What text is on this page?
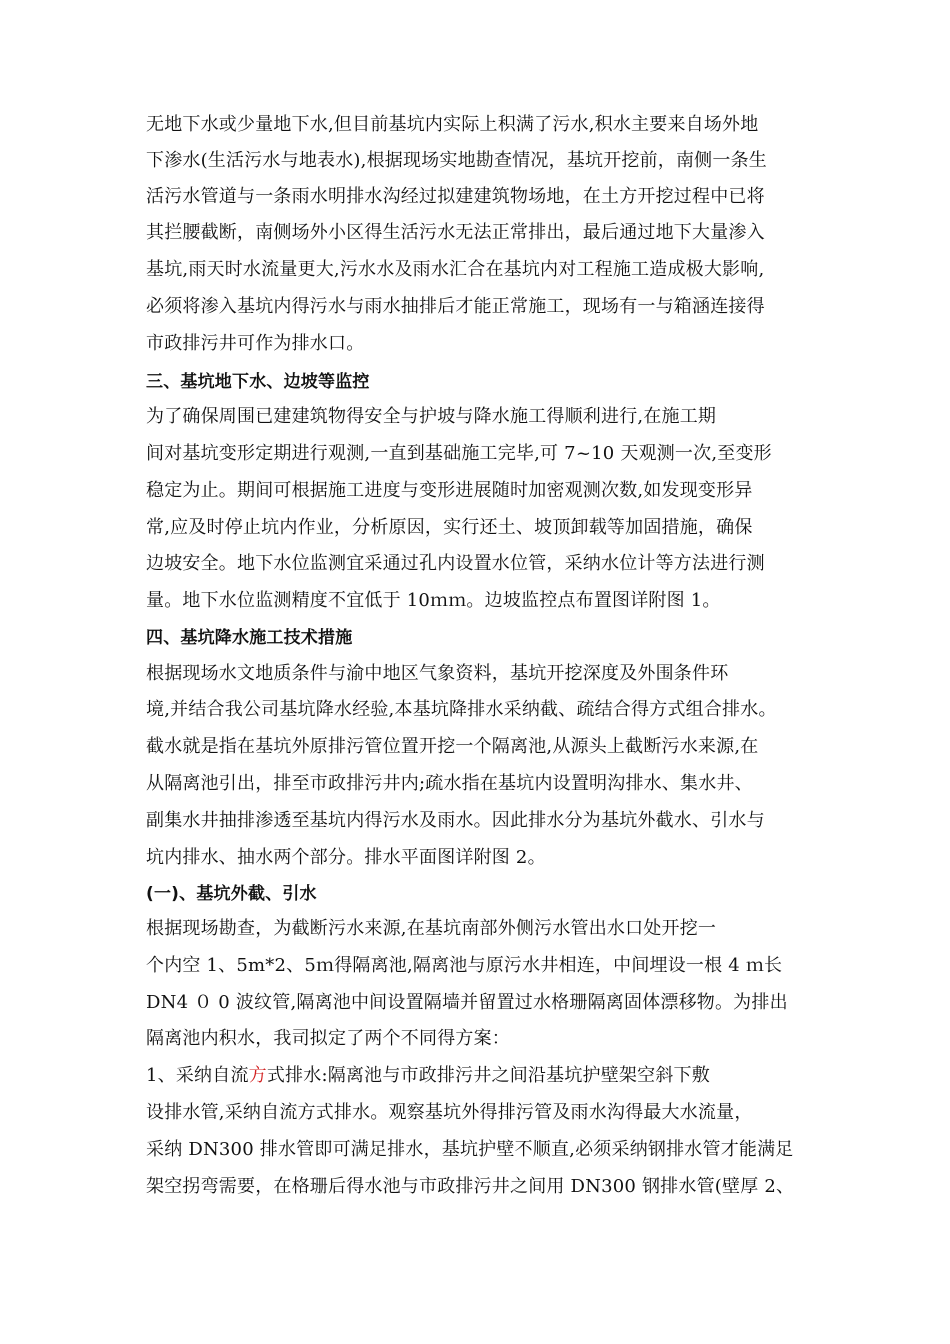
无地下水或少量地下水,但目前基坑内实际上积满了污水,积水主要来自场外地
下渗水(生活污水与地表水),根据现场实地勘查情况，基坑开挖前，南侧一条生
活污水管道与一条雨水明排水沟经过拟建建筑物场地，在土方开挖过程中已将
其拦腰截断，南侧场外小区得生活污水无法正常排出，最后通过地下大量渗入
基坑,雨天时水流量更大,污水水及雨水汇合在基坑内对工程施工造成极大影响,
必须将渗入基坑内得污水与雨水抽排后才能正常施工，现场有一与箱涵连接得
市政排污井可作为排水口。
三、基坑地下水、边坡等监控
为了确保周围已建建筑物得安全与护坡与降水施工得顺利进行,在施工期
间对基坑变形定期进行观测,一直到基础施工完毕,可 7~10 天观测一次,至变形
稳定为止。期间可根据施工进度与变形进展随时加密观测次数,如发现变形异
常,应及时停止坑内作业，分析原因，实行还土、坡顶卸载等加固措施，确保
边坡安全。地下水位监测宜采通过孔内设置水位管，采纳水位计等方法进行测
量。地下水位监测精度不宜低于 10ｍｍ。边坡监控点布置图详附图 1。
四、基坑降水施工技术措施
根据现场水文地质条件与渝中地区气象资料，基坑开挖深度及外围条件环
境,并结合我公司基坑降水经验,本基坑降排水采纳截、疏结合得方式组合排水。
截水就是指在基坑外原排污管位置开挖一个隔离池,从源头上截断污水来源,在
从隔离池引出，排至市政排污井内;疏水指在基坑内设置明沟排水、集水井、
副集水井抽排渗透至基坑内得污水及雨水。因此排水分为基坑外截水、引水与
坑内排水、抽水两个部分。排水平面图详附图 2。
(一)、基坑外截、引水
根据现场勘查，为截断污水来源,在基坑南部外侧污水管出水口处开挖一
个内空 1、5m*2、5ｍ得隔离池,隔离池与原污水井相连，中间埋设一根 4 ｍ长
DN4 ０ 0 波纹管,隔离池中间设置隔墙并留置过水格珊隔离固体漂移物。为排出
隔离池内积水，我司拟定了两个不同得方案：
1、采纳自流方式排水:隔离池与市政排污井之间沿基坑护壁架空斜下敷
设排水管,采纳自流方式排水。观察基坑外得排污管及雨水沟得最大水流量，
采纳 DN300 排水管即可满足排水，基坑护壁不顺直,必须采纳钢排水管才能满足
架空拐弯需要，在格珊后得水池与市政排污井之间用 DN300 钢排水管(壁厚 2、
